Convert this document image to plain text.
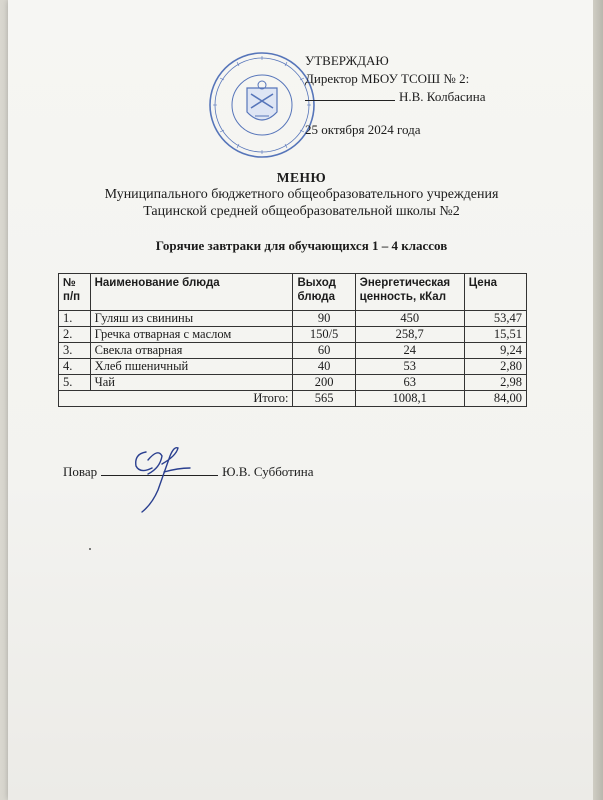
УТВЕРЖДАЮ
Директор МБОУ ТСОШ № 2:
Н.В. Колбасина
25 октября 2024 года
МЕНЮ
Муниципального бюджетного общеобразовательного учреждения
Тацинской средней общеобразовательной школы №2
Горячие завтраки для обучающихся 1 – 4 классов
№ п/п	Наименование блюда	Выход блюда	Энергетическая ценность, кКал	Цена
1.	Гуляш из свинины	90	450	53,47
2.	Гречка отварная с маслом	150/5	258,7	15,51
3.	Свекла отварная	60	24	9,24
4.	Хлеб пшеничный	40	53	2,80
5.	Чай	200	63	2,98
Итого:		565	1008,1	84,00
Повар	Ю.В. Субботина
